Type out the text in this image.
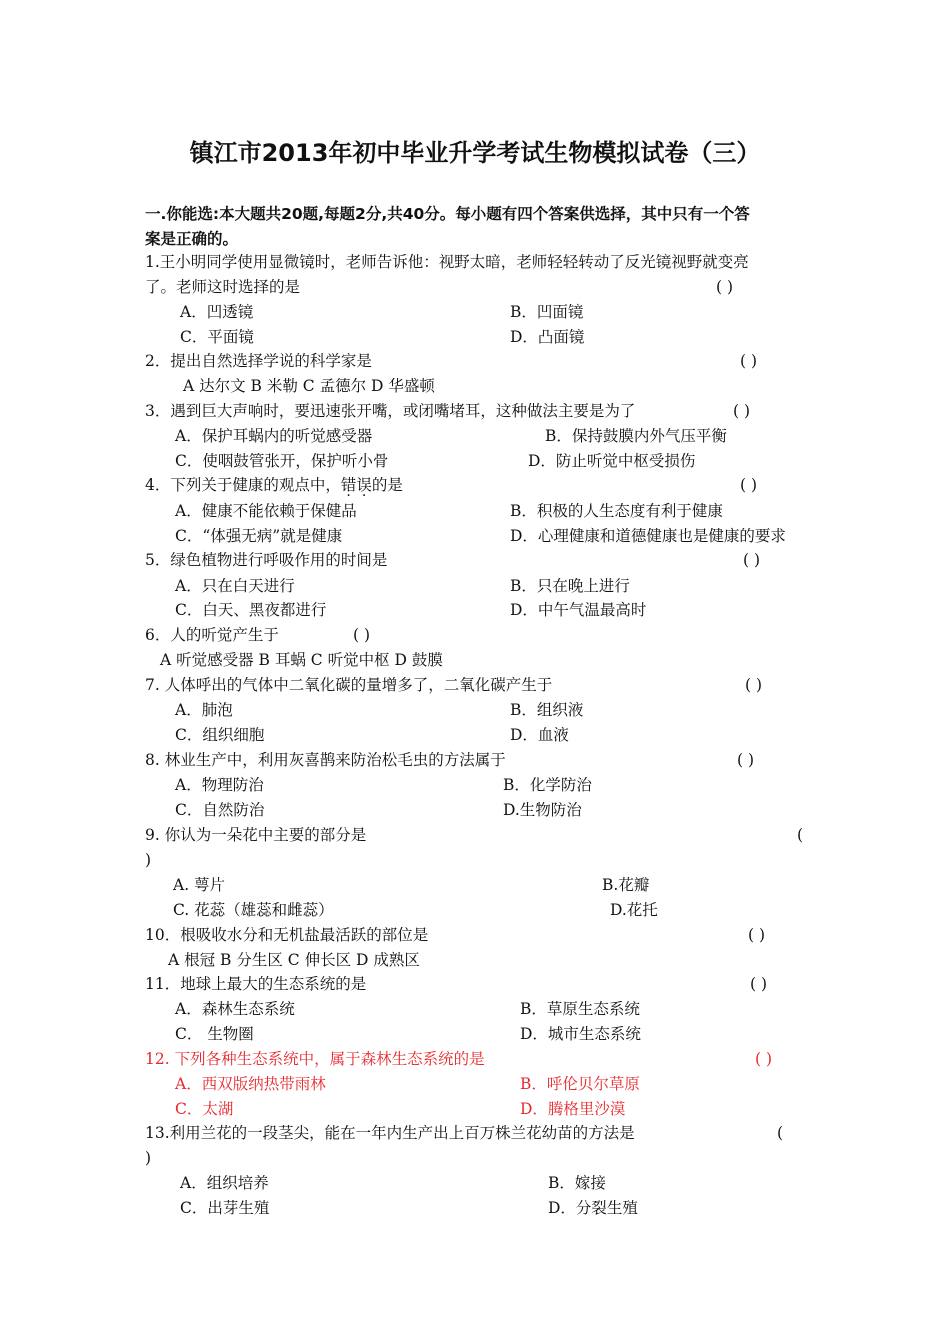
镇江市2013年初中毕业升学考试生物模拟试卷（三）
一.你能选:本大题共20题,每题2分,共40分。每小题有四个答案供选择，其中只有一个答
案是正确的。
1.王小明同学使用显微镜时，老师告诉他：视野太暗，老师轻轻转动了反光镜视野就变亮
了。老师这时选择的是	( )
A．凹透镜	B．凹面镜
C．平面镜	D．凸面镜
2．提出自然选择学说的科学家是	( )
A 达尔文 B 米勒 C 孟德尔 D 华盛顿
3．遇到巨大声响时，要迅速张开嘴，或闭嘴堵耳，这种做法主要是为了	( )
A．保护耳蜗内的听觉感受器	B．保持鼓膜内外气压平衡
C．使咽鼓管张开，保护听小骨	D．防止听觉中枢受损伤
4．下列关于健康的观点中，错误的是	( )
A．健康不能依赖于保健品	B．积极的人生态度有利于健康
C．“体强无病”就是健康	D．心理健康和道德健康也是健康的要求
5．绿色植物进行呼吸作用的时间是	( )
A．只在白天进行	B．只在晚上进行
C．白天、黑夜都进行	D．中午气温最高时
6．人的听觉产生于	( )
A 听觉感受器 B 耳蜗 C 听觉中枢 D 鼓膜
7. 人体呼出的气体中二氧化碳的量增多了，二氧化碳产生于	( )
A．肺泡	B．组织液
C．组织细胞	D．血液
8. 林业生产中，利用灰喜鹊来防治松毛虫的方法属于	( )
A．物理防治	B．化学防治
C．自然防治	D.生物防治
9. 你认为一朵花中主要的部分是	(
)
A. 萼片	B.花瓣
C. 花蕊（雄蕊和雌蕊）	D.花托
10．根吸收水分和无机盐最活跃的部位是	( )
A 根冠 B 分生区 C 伸长区 D 成熟区
11．地球上最大的生态系统的是	( )
A．森林生态系统	B．草原生态系统
C． 生物圈	D．城市生态系统
12. 下列各种生态系统中，属于森林生态系统的是	( )
A．西双版纳热带雨林	B．呼伦贝尔草原
C．太湖	D．腾格里沙漠
13.利用兰花的一段茎尖，能在一年内生产出上百万株兰花幼苗的方法是	(
)
A．组织培养	B．嫁接
C．出芽生殖	D．分裂生殖
